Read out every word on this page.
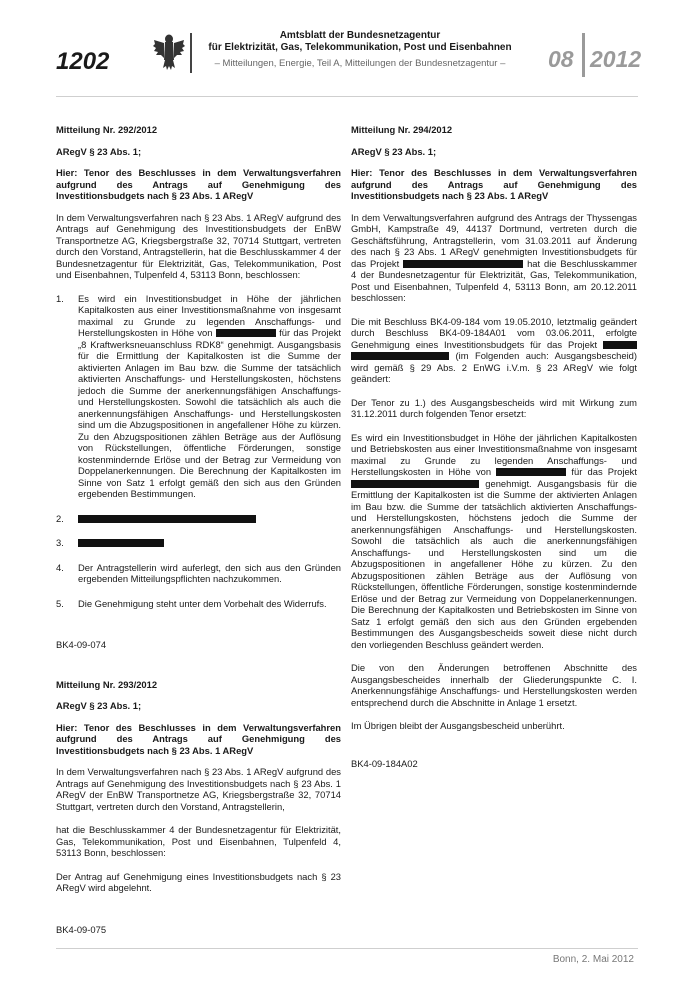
1202
Amtsblatt der Bundesnetzagentur
für Elektrizität, Gas, Telekommunikation, Post und Eisenbahnen
– Mitteilungen, Energie, Teil A, Mitteilungen der Bundesnetzagentur –	08 2012

Mitteilung Nr. 292/2012

ARegV § 23 Abs. 1;

Hier: Tenor des Beschlusses in dem Verwaltungsverfahren aufgrund des Antrags auf Genehmigung des Investitionsbudgets nach § 23 Abs. 1 ARegV

In dem Verwaltungsverfahren nach § 23 Abs. 1 ARegV aufgrund des Antrags auf Genehmigung des Investitionsbudgets der EnBW Transportnetze AG, Kriegsbergstraße 32, 70714 Stuttgart, vertreten durch den Vorstand, Antragstellerin, hat die Beschlusskammer 4 der Bundesnetzagentur für Elektrizität, Gas, Telekommunikation, Post und Eisenbahnen, Tulpenfeld 4, 53113 Bonn, beschlossen:

1. Es wird ein Investitionsbudget in Höhe der jährlichen Kapitalkosten aus einer Investitionsmaßnahme von insgesamt maximal zu Grunde zu legenden Anschaffungs- und Herstellungskosten in Höhe von	für das Projekt „8 Kraftwerksneuanschluss RDK8“ genehmigt. Ausgangsbasis für die Ermittlung der Kapitalkosten ist die Summe der aktivierten Anlagen im Bau bzw. die Summe der tatsächlich aktivierten Anschaffungs- und Herstellungskosten, höchstens jedoch die Summe der anerkennungsfähigen Anschaffungs- und Herstellungskosten. Sowohl die tatsächlich als auch die anerkennungsfähigen Anschaffungs- und Herstellungskosten sind um die Abzugspositionen in angefallener Höhe zu kürzen. Zu den Abzugspositionen zählen Beträge aus der Auflösung von Rückstellungen, öffentliche Förderungen, sonstige kostenmindernde Erlöse und der Betrag zur Vermeidung von Doppelanerkennungen. Die Berechnung der Kapitalkosten im Sinne von Satz 1 erfolgt gemäß den sich aus den Gründen ergebenden Bestimmungen.
2.
3.
4. Der Antragstellerin wird auferlegt, den sich aus den Gründen ergebenden Mitteilungspflichten nachzukommen.
5. Die Genehmigung steht unter dem Vorbehalt des Widerrufs.

BK4-09-074

Mitteilung Nr. 293/2012

ARegV § 23 Abs. 1;

Hier: Tenor des Beschlusses in dem Verwaltungsverfahren aufgrund des Antrags auf Genehmigung des Investitionsbudgets nach § 23 Abs. 1 ARegV

In dem Verwaltungsverfahren nach § 23 Abs. 1 ARegV aufgrund des Antrags auf Genehmigung des Investitionsbudgets nach § 23 Abs. 1 ARegV der EnBW Transportnetze AG, Kriegsbergstraße 32, 70714 Stuttgart, vertreten durch den Vorstand, Antragstellerin,

hat die Beschlusskammer 4 der Bundesnetzagentur für Elektrizität, Gas, Telekommunikation, Post und Eisenbahnen, Tulpenfeld 4, 53113 Bonn, beschlossen:

Der Antrag auf Genehmigung eines Investitionsbudgets nach § 23 ARegV wird abgelehnt.

BK4-09-075

Mitteilung Nr. 294/2012

ARegV § 23 Abs. 1;

Hier: Tenor des Beschlusses in dem Verwaltungsverfahren aufgrund des Antrags auf Genehmigung des Investitionsbudgets nach § 23 Abs. 1 ARegV

In dem Verwaltungsverfahren aufgrund des Antrags der Thyssengas GmbH, Kampstraße 49, 44137 Dortmund, vertreten durch die Geschäftsführung, Antragstellerin, vom 31.03.2011 auf Änderung des nach § 23 Abs. 1 ARegV genehmigten Investitionsbudgets für das Projekt	hat die Beschlusskammer 4 der Bundesnetzagentur für Elektrizität, Gas, Telekommunikation, Post und Eisenbahnen, Tulpenfeld 4, 53113 Bonn, am 20.12.2011 beschlossen:

Die mit Beschluss BK4-09-184 vom 19.05.2010, letztmalig geändert durch Beschluss BK4-09-184A01 vom 03.06.2011, erfolgte Genehmigung eines Investitionsbudgets für das Projekt   (im Folgenden auch: Ausgangsbescheid) wird gemäß § 29 Abs. 2 EnWG i.V.m. § 23 ARegV wie folgt geändert:

Der Tenor zu 1.) des Ausgangsbescheids wird mit Wirkung zum 31.12.2011 durch folgenden Tenor ersetzt:

Es wird ein Investitionsbudget in Höhe der jährlichen Kapitalkosten und Betriebskosten aus einer Investitionsmaßnahme von insgesamt maximal zu Grunde zu legenden Anschaffungs- und Herstellungskosten in Höhe von	für das Projekt  genehmigt. Ausgangsbasis für die Ermittlung der Kapitalkosten ist die Summe der aktivierten Anlagen im Bau bzw. die Summe der tatsächlich aktivierten Anschaffungs- und Herstellungskosten, höchstens jedoch die Summe der anerkennungsfähigen Anschaffungs- und Herstellungskosten. Sowohl die tatsächlich als auch die anerkennungsfähigen Anschaffungs- und Herstellungskosten sind um die Abzugspositionen in angefallener Höhe zu kürzen. Zu den Abzugspositionen zählen Beträge aus der Auflösung von Rückstellungen, öffentliche Förderungen, sonstige kostenmindernde Erlöse und der Betrag zur Vermeidung von Doppelanerkennungen. Die Berechnung der Kapitalkosten und Betriebskosten im Sinne von Satz 1 erfolgt gemäß den sich aus den Gründen ergebenden Bestimmungen des Ausgangsbescheids soweit diese nicht durch den vorliegenden Beschluss geändert werden.

Die von den Änderungen betroffenen Abschnitte des Ausgangsbescheides innerhalb der Gliederungspunkte C. I. Anerkennungsfähige Anschaffungs- und Herstellungskosten werden entsprechend durch die Abschnitte in Anlage 1 ersetzt.

Im Übrigen bleibt der Ausgangsbescheid unberührt.

BK4-09-184A02

Bonn, 2. Mai 2012
